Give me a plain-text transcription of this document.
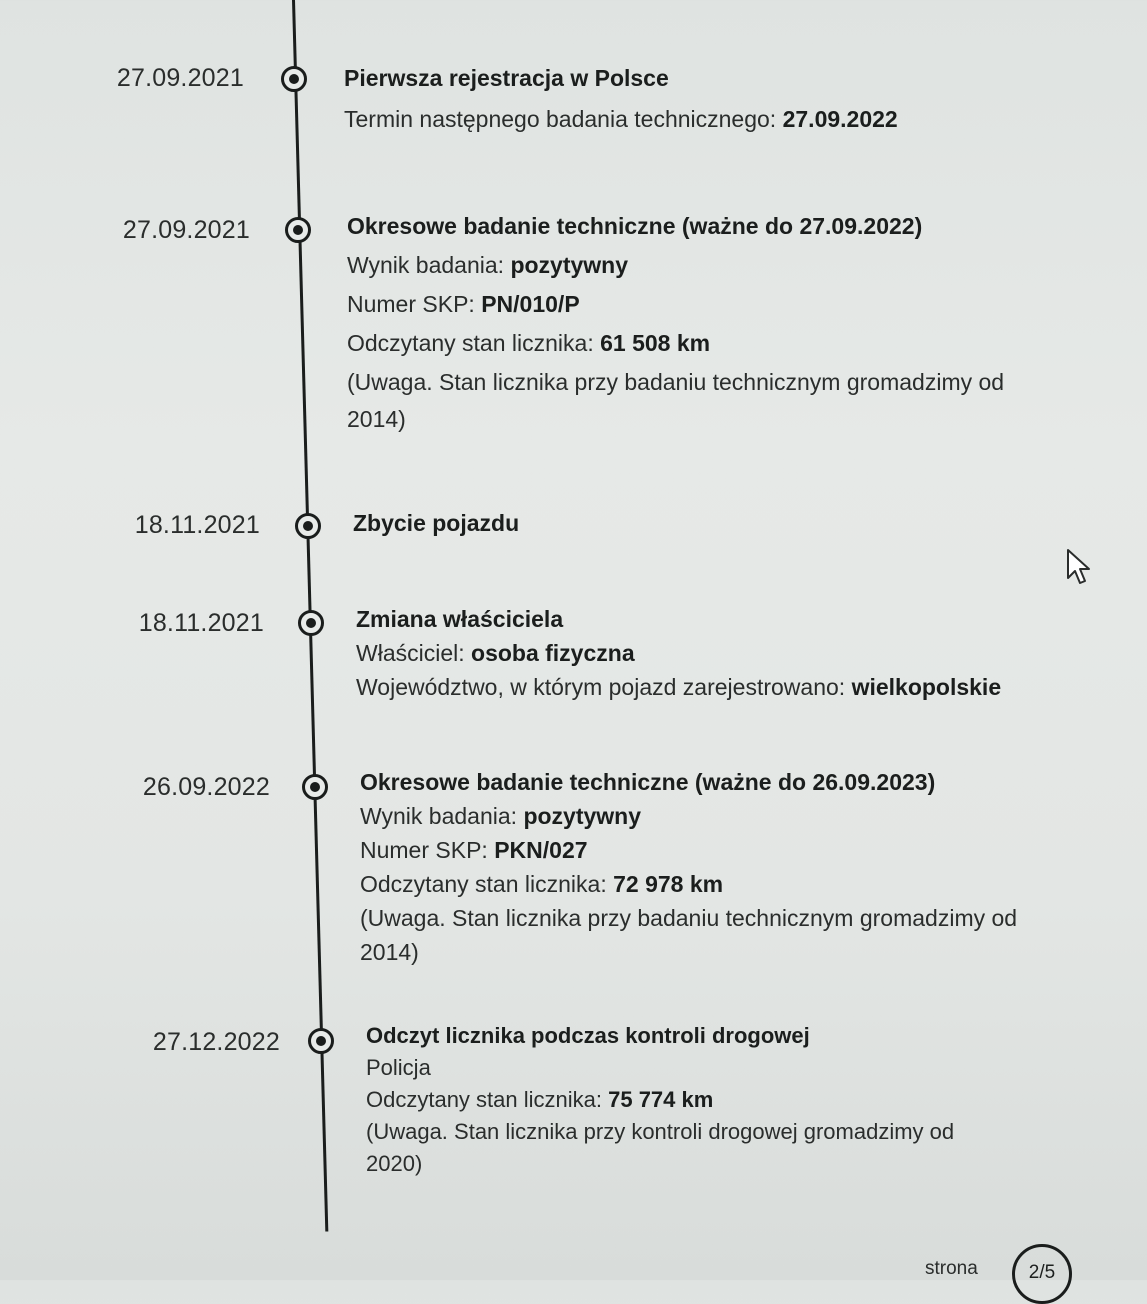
27.09.2021	Pierwsza rejestracja w Polsce
Termin następnego badania technicznego: 27.09.2022
27.09.2021	Okresowe badanie techniczne (ważne do 27.09.2022)
Wynik badania: pozytywny
Numer SKP: PN/010/P
Odczytany stan licznika: 61 508 km
(Uwaga. Stan licznika przy badaniu technicznym gromadzimy od 2014)
18.11.2021	Zbycie pojazdu
18.11.2021	Zmiana właściciela
Właściciel: osoba fizyczna
Województwo, w którym pojazd zarejestrowano: wielkopolskie
26.09.2022	Okresowe badanie techniczne (ważne do 26.09.2023)
Wynik badania: pozytywny
Numer SKP: PKN/027
Odczytany stan licznika: 72 978 km
(Uwaga. Stan licznika przy badaniu technicznym gromadzimy od 2014)
27.12.2022	Odczyt licznika podczas kontroli drogowej
Policja
Odczytany stan licznika: 75 774 km
(Uwaga. Stan licznika przy kontroli drogowej gromadzimy od 2020)
strona	2/5
